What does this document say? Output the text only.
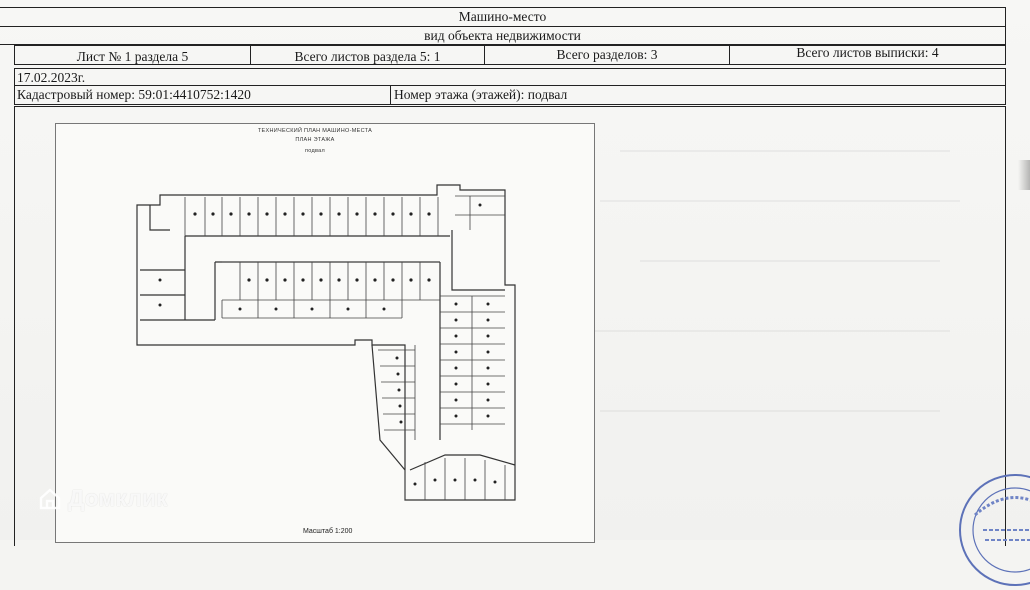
Машино-место
вид объекта недвижимости
Лист № 1 раздела 5	Всего листов раздела 5: 1	Всего разделов: 3	Всего листов выписки: 4
17.02.2023г.
Кадастровый номер: 59:01:4410752:1420	Номер этажа (этажей): подвал
ТЕХНИЧЕСКИЙ ПЛАН МАШИНО-МЕСТА
ПЛАН ЭТАЖА
подвал
Масштаб 1:200
Домклик
